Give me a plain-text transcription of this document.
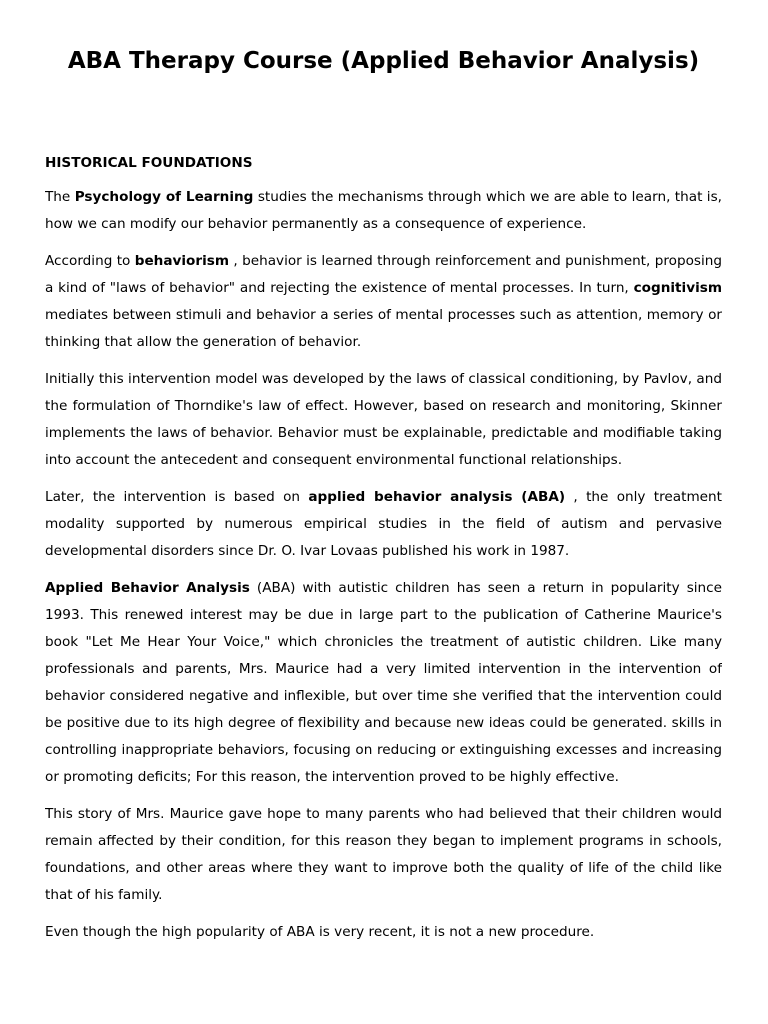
ABA Therapy Course (Applied Behavior Analysis)
HISTORICAL FOUNDATIONS

The Psychology of Learning studies the mechanisms through which we are able to learn, that is, how we can modify our behavior permanently as a consequence of experience.

According to behaviorism , behavior is learned through reinforcement and punishment, proposing a kind of "laws of behavior" and rejecting the existence of mental processes. In turn, cognitivism mediates between stimuli and behavior a series of mental processes such as attention, memory or thinking that allow the generation of behavior.

Initially this intervention model was developed by the laws of classical conditioning, by Pavlov, and the formulation of Thorndike's law of effect. However, based on research and monitoring, Skinner implements the laws of behavior. Behavior must be explainable, predictable and modifiable taking into account the antecedent and consequent environmental functional relationships.

Later, the intervention is based on applied behavior analysis (ABA) , the only treatment modality supported by numerous empirical studies in the field of autism and pervasive developmental disorders since Dr. O. Ivar Lovaas published his work in 1987.

Applied Behavior Analysis (ABA) with autistic children has seen a return in popularity since 1993. This renewed interest may be due in large part to the publication of Catherine Maurice's book "Let Me Hear Your Voice," which chronicles the treatment of autistic children. Like many professionals and parents, Mrs. Maurice had a very limited intervention in the intervention of behavior considered negative and inflexible, but over time she verified that the intervention could be positive due to its high degree of flexibility and because new ideas could be generated. skills in controlling inappropriate behaviors, focusing on reducing or extinguishing excesses and increasing or promoting deficits; For this reason, the intervention proved to be highly effective.

This story of Mrs. Maurice gave hope to many parents who had believed that their children would remain affected by their condition, for this reason they began to implement programs in schools, foundations, and other areas where they want to improve both the quality of life of the child like that of his family.

Even though the high popularity of ABA is very recent, it is not a new procedure.
